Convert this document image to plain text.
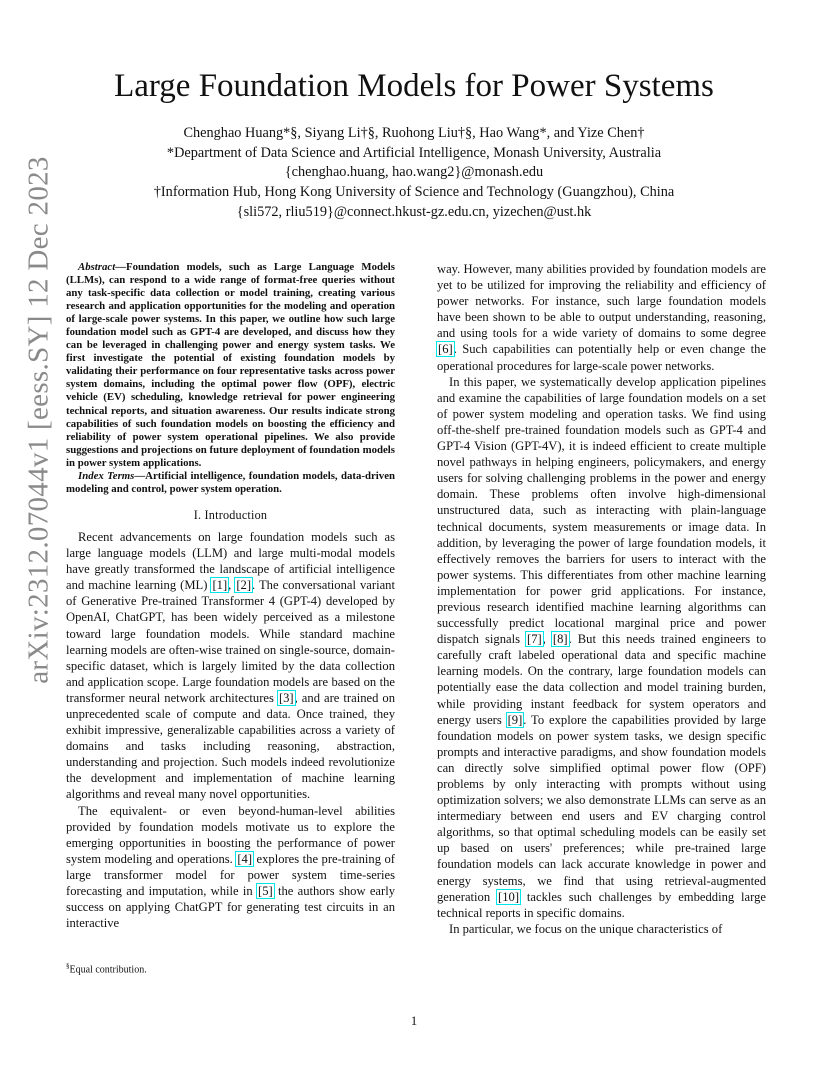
arXiv:2312.07044v1 [eess.SY] 12 Dec 2023
Large Foundation Models for Power Systems
Chenghao Huang*§, Siyang Li†§, Ruohong Liu†§, Hao Wang*, and Yize Chen†
*Department of Data Science and Artificial Intelligence, Monash University, Australia
{chenghao.huang, hao.wang2}@monash.edu
†Information Hub, Hong Kong University of Science and Technology (Guangzhou), China
{sli572, rliu519}@connect.hkust-gz.edu.cn, yizechen@ust.hk

Abstract—Foundation models, such as Large Language Models (LLMs), can respond to a wide range of format-free queries without any task-specific data collection or model training, creating various research and application opportunities for the modeling and operation of large-scale power systems. In this paper, we outline how such large foundation model such as GPT-4 are developed, and discuss how they can be leveraged in challenging power and energy system tasks. We first investigate the potential of existing foundation models by validating their performance on four representative tasks across power system domains, including the optimal power flow (OPF), electric vehicle (EV) scheduling, knowledge retrieval for power engineering technical reports, and situation awareness. Our results indicate strong capabilities of such foundation models on boosting the efficiency and reliability of power system operational pipelines. We also provide suggestions and projections on future deployment of foundation models in power system applications.

Index Terms—Artificial intelligence, foundation models, data-driven modeling and control, power system operation.

I. Introduction

Recent advancements on large foundation models such as large language models (LLM) and large multi-modal models have greatly transformed the landscape of artificial intelligence and machine learning (ML) [1], [2]. The conversational variant of Generative Pre-trained Transformer 4 (GPT-4) developed by OpenAI, ChatGPT, has been widely perceived as a milestone toward large foundation models. While standard machine learning models are often-wise trained on single-source, domain-specific dataset, which is largely limited by the data collection and application scope. Large foundation models are based on the transformer neural network architectures [3], and are trained on unprecedented scale of compute and data. Once trained, they exhibit impressive, generalizable capabilities across a variety of domains and tasks including reasoning, abstraction, understanding and projection. Such models indeed revolutionize the development and implementation of machine learning algorithms and reveal many novel opportunities.

The equivalent- or even beyond-human-level abilities provided by foundation models motivate us to explore the emerging opportunities in boosting the performance of power system modeling and operations. [4] explores the pre-training of large transformer model for power system time-series forecasting and imputation, while in [5] the authors show early success on applying ChatGPT for generating test circuits in an interactive

way. However, many abilities provided by foundation models are yet to be utilized for improving the reliability and efficiency of power networks. For instance, such large foundation models have been shown to be able to output understanding, reasoning, and using tools for a wide variety of domains to some degree [6]. Such capabilities can potentially help or even change the operational procedures for large-scale power networks.

In this paper, we systematically develop application pipelines and examine the capabilities of large foundation models on a set of power system modeling and operation tasks. We find using off-the-shelf pre-trained foundation models such as GPT-4 and GPT-4 Vision (GPT-4V), it is indeed efficient to create multiple novel pathways in helping engineers, policymakers, and energy users for solving challenging problems in the power and energy domain. These problems often involve high-dimensional unstructured data, such as interacting with plain-language technical documents, system measurements or image data. In addition, by leveraging the power of large foundation models, it effectively removes the barriers for users to interact with the power systems. This differentiates from other machine learning implementation for power grid applications. For instance, previous research identified machine learning algorithms can successfully predict locational marginal price and power dispatch signals [7], [8]. But this needs trained engineers to carefully craft labeled operational data and specific machine learning models. On the contrary, large foundation models can potentially ease the data collection and model training burden, while providing instant feedback for system operators and energy users [9]. To explore the capabilities provided by large foundation models on power system tasks, we design specific prompts and interactive paradigms, and show foundation models can directly solve simplified optimal power flow (OPF) problems by only interacting with prompts without using optimization solvers; we also demonstrate LLMs can serve as an intermediary between end users and EV charging control algorithms, so that optimal scheduling models can be easily set up based on users' preferences; while pre-trained large foundation models can lack accurate knowledge in power and energy systems, we find that using retrieval-augmented generation [10] tackles such challenges by embedding large technical reports in specific domains.

In particular, we focus on the unique characteristics of

§Equal contribution.
1
